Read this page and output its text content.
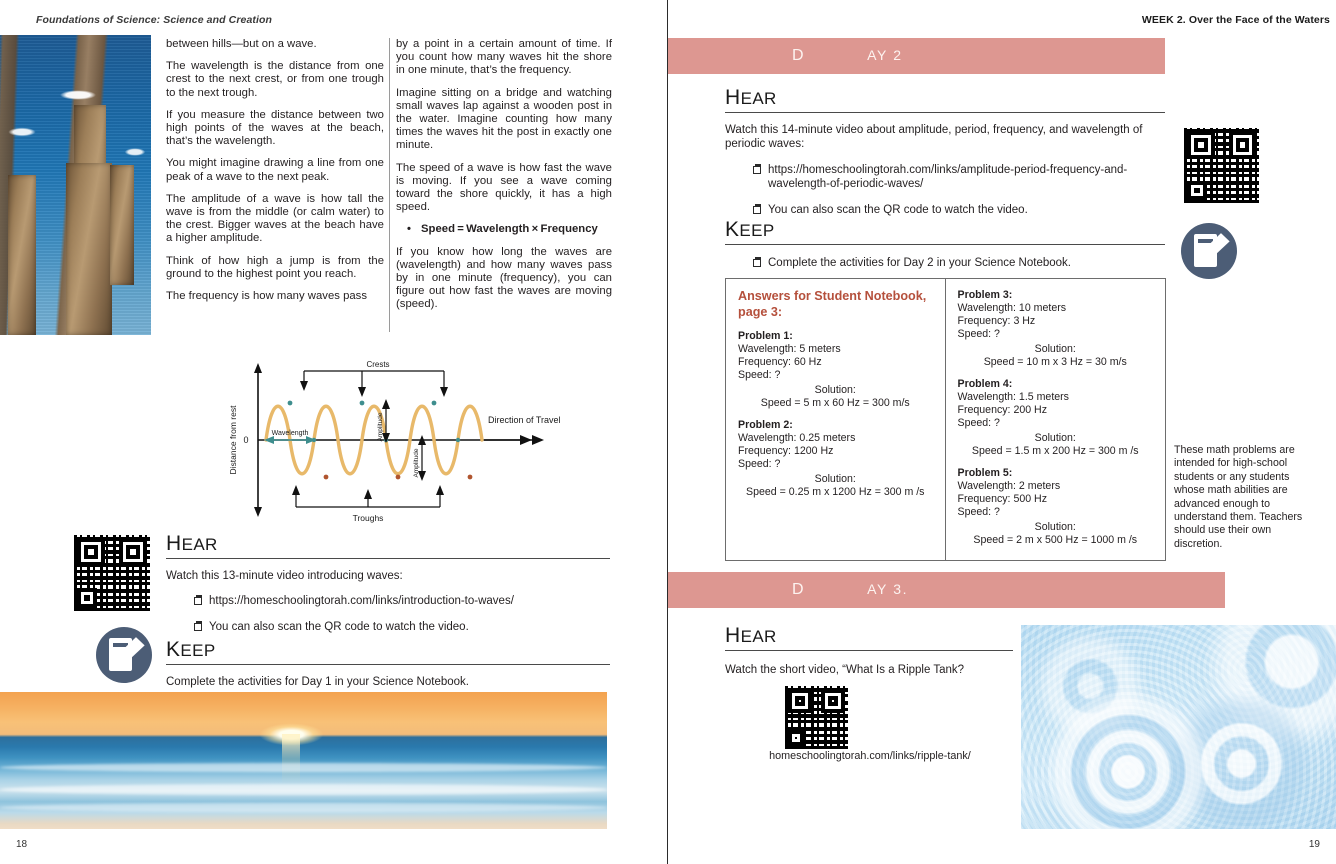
Foundations of Science: Science and Creation

between hills—but on a wave.

The wavelength is the distance from one crest to the next crest, or from one trough to the next trough.

If you measure the distance between two high points of the waves at the beach, that’s the wavelength.

You might imagine drawing a line from one peak of a wave to the next peak.

The amplitude of a wave is how tall the wave is from the middle (or calm water) to the crest. Bigger waves at the beach have a higher amplitude.

Think of how high a jump is from the ground to the highest point you reach.

The frequency is how many waves pass

by a point in a certain amount of time. If you count how many waves hit the shore in one minute, that’s the frequency.

Imagine sitting on a bridge and watching small waves lap against a wooden post in the water. Imagine counting how many times the waves hit the post in exactly one minute.

The speed of a wave is how fast the wave is moving. If you see a wave coming toward the shore quickly, it has a high speed.

• Speed = Wavelength × Frequency

If you know how long the waves are (wavelength) and how many waves pass by in one minute (frequency), you can figure out how fast the waves are moving (speed).

Crests
Troughs
Wavelength
0
Distance from rest	Amplitude
Amplitude
Direction of Travel
HEAR
Watch this 13-minute video introducing waves:
https://homeschoolingtorah.com/links/introduction-to-waves/
You can also scan the QR code to watch the video.
KEEP
Complete the activities for Day 1 in your Science Notebook.
18
WEEK 2. Over the Face of the Waters
D	AY 2
HEAR
Watch this 14-minute video about amplitude, period, frequency, and wavelength of periodic waves:
https://homeschoolingtorah.com/links/amplitude-period-frequency-and-wavelength-of-periodic-waves/
You can also scan the QR code to watch the video.
KEEP
Complete the activities for Day 2 in your Science Notebook.
Answers for Student Notebook, page 3:
Problem 1:
Wavelength: 5 meters
Frequency: 60 Hz
Speed: ?
Solution:
Speed = 5 m x 60 Hz = 300 m/s
Problem 2:
Wavelength: 0.25 meters
Frequency: 1200 Hz
Speed: ?
Solution:
Speed = 0.25 m x 1200 Hz = 300 m /s
Problem 3:
Wavelength: 10 meters
Frequency: 3 Hz
Speed: ?
Solution:
Speed = 10 m x 3 Hz = 30 m/s
Problem 4:
Wavelength: 1.5 meters
Frequency: 200 Hz
Speed: ?
Solution:
Speed = 1.5 m x 200 Hz = 300 m /s
Problem 5:
Wavelength: 2 meters
Frequency: 500 Hz
Speed: ?
Solution:
Speed = 2 m x 500 Hz = 1000 m /s
These math problems are intended for high-school students or any students whose math abilities are advanced enough to understand them. Teachers should use their own discretion.
D	AY 3.
HEAR
Watch the short video, “What Is a Ripple Tank?
homeschoolingtorah.com/links/ripple-tank/
19
